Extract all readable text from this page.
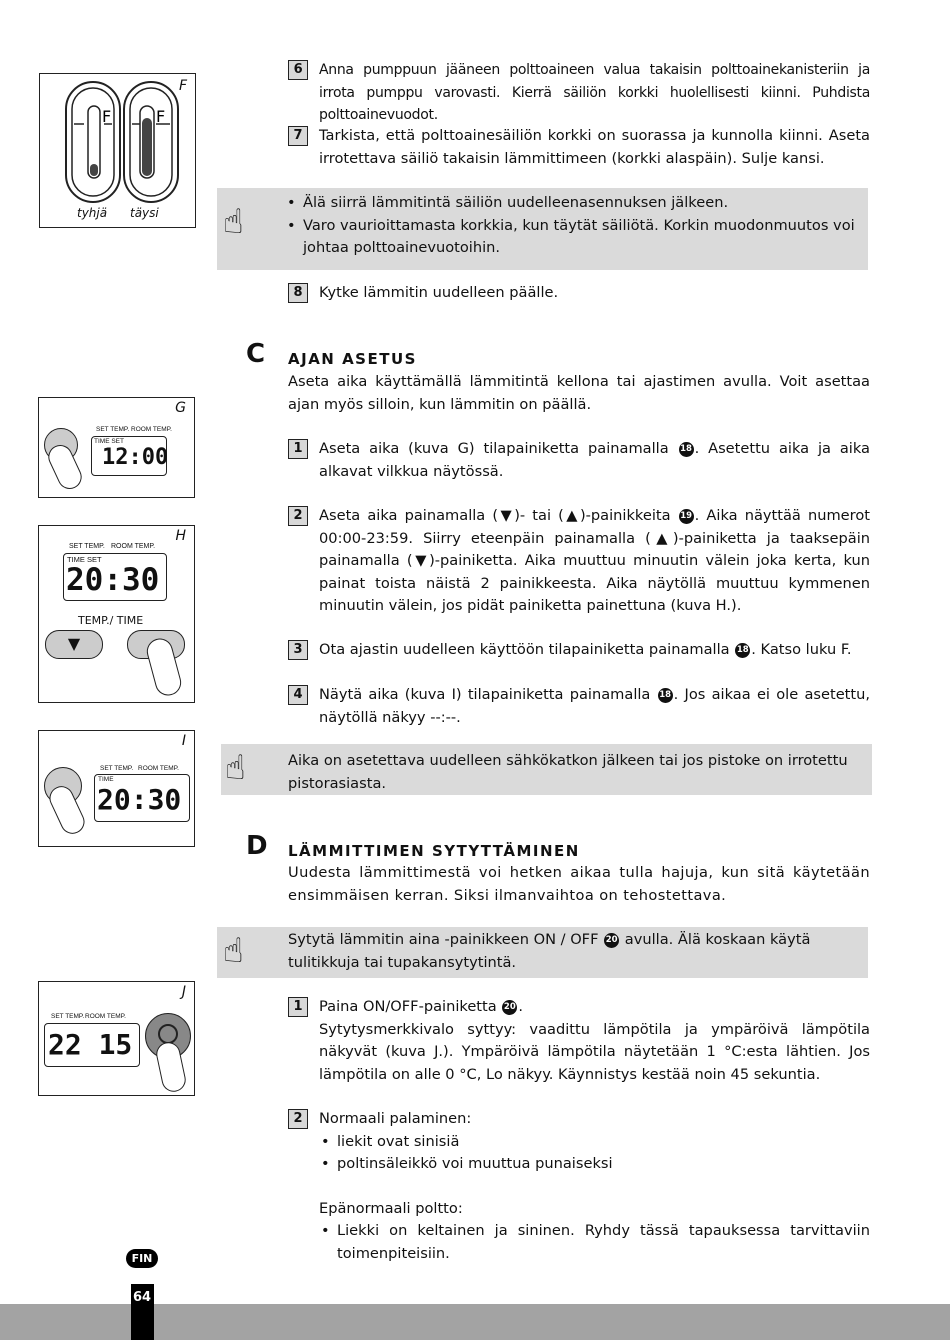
F
F	F
tyhjä täysi
6	Anna pumppuun jääneen polttoaineen valua takaisin polttoainekanisteriin ja irrota pumppu varovasti. Kierrä säiliön korkki huolellisesti kiinni. Puhdista polttoainevuodot.
7	Tarkista, että polttoainesäiliön korkki on suorassa ja kunnolla kiinni. Aseta irrotettava säiliö takaisin lämmittimeen (korkki alaspäin). Sulje kansi.
☝
•	Älä siirrä lämmitintä säiliön uudelleenasennuksen jälkeen.
• Varo vaurioittamasta korkkia, kun täytät säiliötä. Korkin muodonmuutos voi johtaa polttoainevuotoihin.
8	Kytke lämmitin uudelleen päälle.
C AJAN ASETUS
Aseta aika käyttämällä lämmitintä kellona tai ajastimen avulla. Voit asettaa ajan myös silloin, kun lämmitin on päällä.
1	Aseta aika (kuva G) tilapainiketta painamalla 18 . Asetettu aika ja aika alkavat vilkkua näytössä.
2	Aseta aika painamalla (▼)- tai (▲)-painikkeita 19 . Aika näyttää numerot 00:00-23:59. Siirry eteenpäin painamalla (▲)-painiketta ja taaksepäin painamalla (▼)-painiketta. Aika muuttuu minuutin välein joka kerta, kun painat toista näistä 2 painikkeesta. Aika näytöllä muuttuu kymmenen minuutin välein, jos pidät painiketta painettuna (kuva H.).
3	Ota ajastin uudelleen käyttöön tilapainiketta painamalla 18 . Katso luku F.
4	Näytä aika (kuva I) tilapainiketta painamalla 18 . Jos aikaa ei ole asetettu, näytöllä näkyy --:--.
☝	Aika on asetettava uudelleen sähkökatkon jälkeen tai jos pistoke on irrotettu pistorasiasta.
D LÄMMITTIMEN SYTYTTÄMINEN
Uudesta lämmittimestä voi hetken aikaa tulla hajuja, kun sitä käytetään ensimmäisen kerran. Siksi ilmanvaihtoa on tehostettava.
☝	Sytytä lämmitin aina -painikkeen ON / OFF 20 avulla. Älä koskaan käytä tulitikkuja tai tupakansytytintä.
1	Paina ON/OFF-painiketta 20 .
Sytytysmerkkivalo syttyy: vaadittu lämpötila ja ympäröivä lämpötila näkyvät (kuva J.). Ympäröivä lämpötila näytetään 1 °C:esta lähtien. Jos lämpötila on alle 0 °C, Lo näkyy. Käynnistys kestää noin 45 sekuntia.
2	Normaali palaminen:
• liekit ovat sinisiä
• poltinsäleikkö voi muuttua punaiseksi
Epänormaali poltto:
• Liekki on keltainen ja sininen. Ryhdy tässä tapauksessa tarvittaviin toimenpiteisiin.
G
SET TEMP. ROOM TEMP.
TIME SET
12:00
H
SET TEMP. ROOM TEMP.
TIME SET
20:30
TEMP./ TIME
▼
I
SET TEMP. ROOM TEMP.
TIME
20:30
J
SET TEMP. ROOM TEMP.
22 15
64
FIN
